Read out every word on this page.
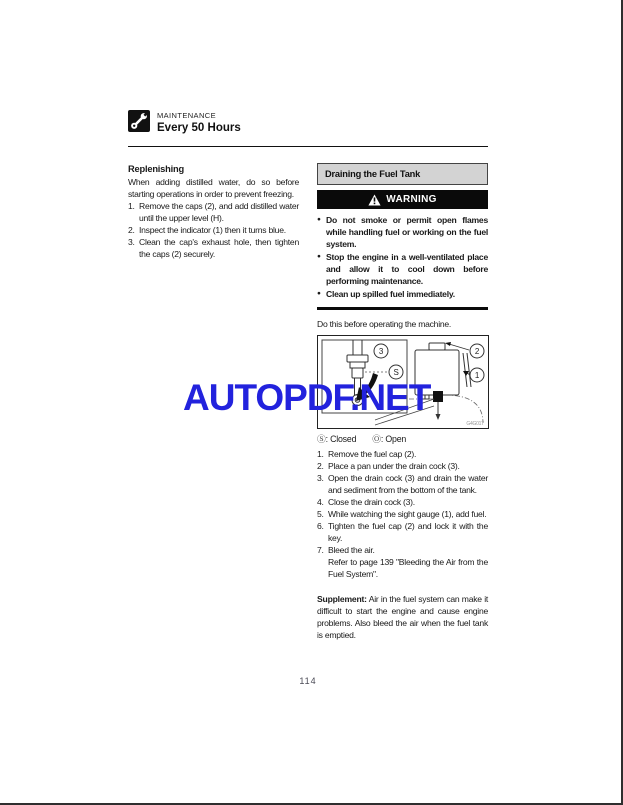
MAINTENANCE
Every 50 Hours
Replenishing

When adding distilled water, do so before starting operations in order to prevent freezing.

Remove the caps (2), and add distilled water until the upper level (H).
Inspect the indicator (1) then it turns blue.
Clean the cap's exhaust hole, then tighten the caps (2) securely.
Draining the Fuel Tank
WARNING
● Do not smoke or permit open flames while handling fuel or working on the fuel system.
● Stop the engine in a well-ventilated place and allow it to cool down before performing maintenance.
● Clean up spilled fuel immediately.

Do this before operating the machine.

3
S
2
1
G4G01T
Ⓢ: Closed Ⓞ: Open
Remove the fuel cap (2).
Place a pan under the drain cock (3).
Open the drain cock (3) and drain the water and sediment from the bottom of the tank.
Close the drain cock (3).
While watching the sight gauge (1), add fuel.
Tighten the fuel cap (2) and lock it with the key.
Bleed the air.

Refer to page 139 "Bleeding the Air from the Fuel System".

Supplement: Air in the fuel system can make it difficult to start the engine and cause engine problems. Also bleed the air when the fuel tank is emptied.

AUTOPDF.NET
114
